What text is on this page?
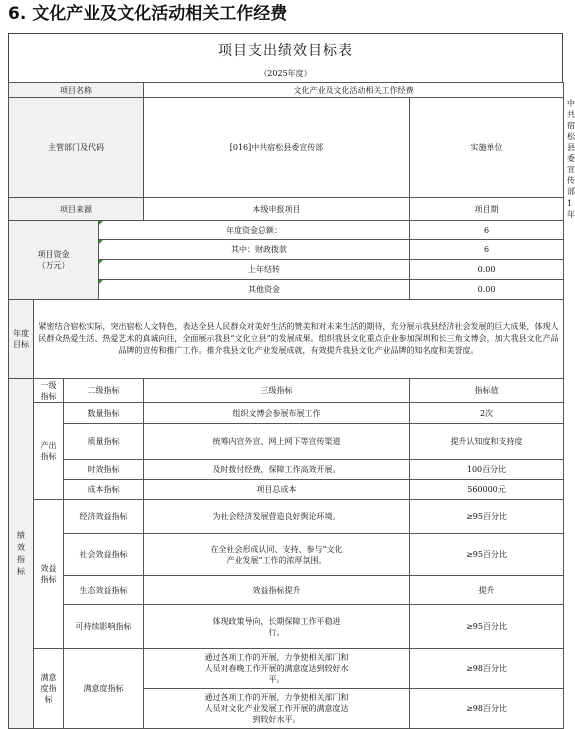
6. 文化产业及文化活动相关工作经费
项目支出绩效目标表
（2025年度）
项目名称				文化产业及文化活动相关工作经费		
主管部门及代码				[016]中共宿松县委宣传部	实施单位	中共宿松县委宣传部
项目来源				本级申报项目	项目期	1年
项目资金
（万元）			年度资金总额：		6	

其中：财政拨款		6	

上年结转		0.00	

其他资金		0.00	
年度
目标	紧密结合宿松实际，突出宿松人文特色，表达全县人民群众对美好生活的赞美和对未来生活的期待，充分展示我县经济社会发展的巨大成果，体现人民群众热爱生活、热爱艺术的真诚向往，全面展示我县“文化立县”的发展成果。组织我县文化重点企业参加深圳和长三角文博会，加大我县文化产品品牌的宣传和推广工作。推介我县文化产业发展成就，有效提升我县文化产业品牌的知名度和美誉度。					
绩效指标	一级指标	二级指标		三级指标	指标值	
	产出指标	数量指标		组织文博会参展布展工作	2次	
		质量指标		统筹内宣外宣、网上网下等宣传渠道	提升认知度和支持度	
		时效指标		及时拨付经费，保障工作高效开展。	100百分比	
		成本指标		项目总成本	560000元	
	效益指标	经济效益指标		为社会经济发展营造良好舆论环境。	≥95百分比	
		社会效益指标		在全社会形成认同、支持、参与“文化产业发展”工作的浓厚氛围。	≥95百分比	
		生态效益指标		效益指标提升	提升	
		可持续影响指标		体现政策导向，长期保障工作平稳进行。	≥95百分比	
	满意度指标	满意度指标		通过各项工作的开展，力争使相关部门和人员对春晚工作开展的满意度达到较好水平。	≥98百分比	
				通过各项工作的开展，力争使相关部门和人员对文化产业发展工作开展的满意度达到较好水平。	≥98百分比	
